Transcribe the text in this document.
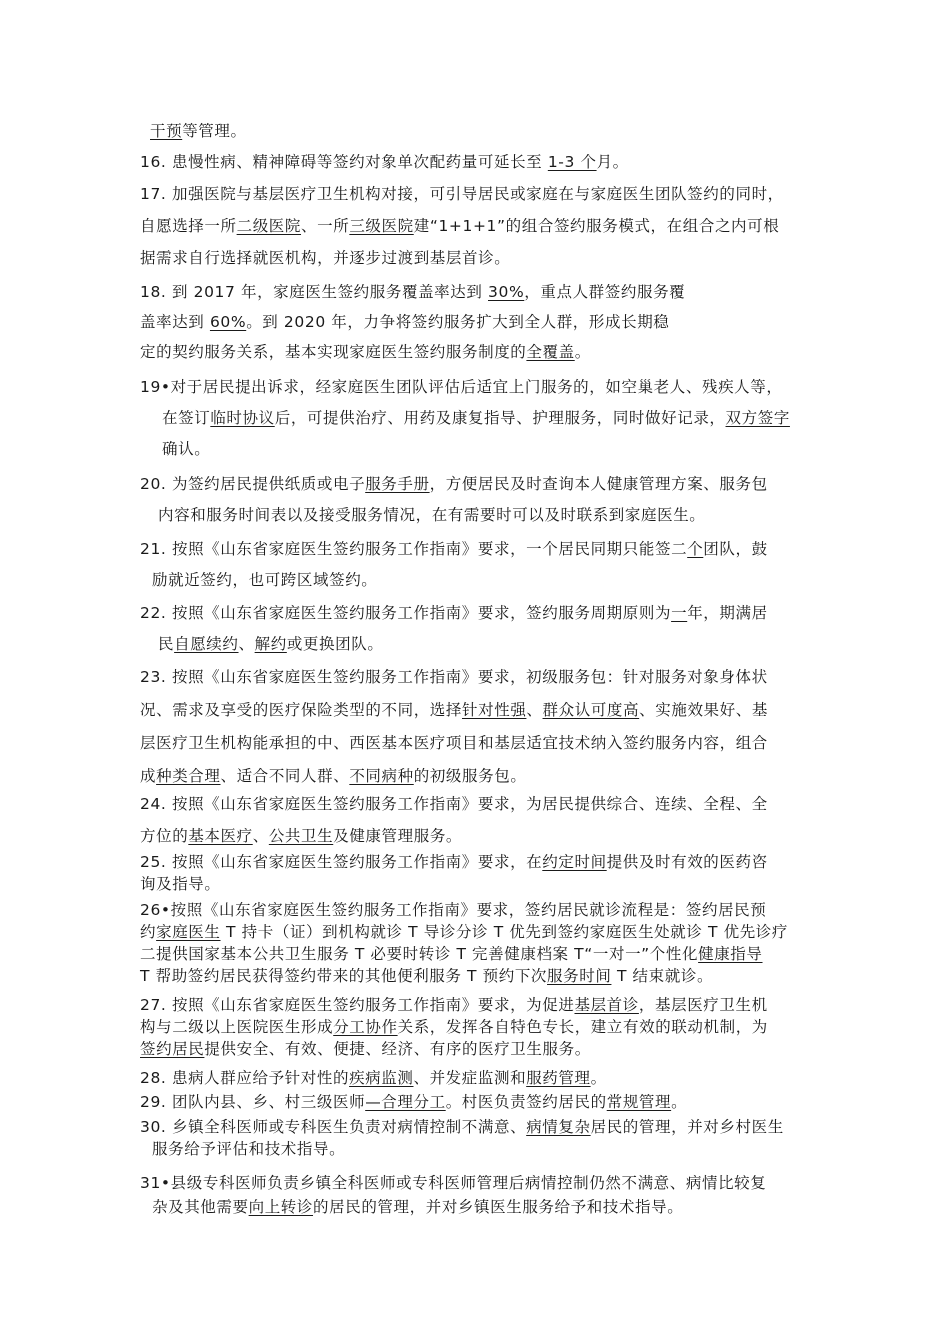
干预等管理。
16. 患慢性病、精神障碍等签约对象单次配药量可延长至 1-3 个月。
17. 加强医院与基层医疗卫生机构对接，可引导居民或家庭在与家庭医生团队签约的同时，
自愿选择一所二级医院、一所三级医院建“1+1+1”的组合签约服务模式，在组合之内可根
据需求自行选择就医机构，并逐步过渡到基层首诊。
18. 到 2017 年，家庭医生签约服务覆盖率达到 30%，重点人群签约服务覆
盖率达到 60%。到 2020 年，力争将签约服务扩大到全人群，形成长期稳
定的契约服务关系，基本实现家庭医生签约服务制度的全覆盖。
19•对于居民提出诉求，经家庭医生团队评估后适宜上门服务的，如空巢老人、残疾人等，
在签订临时协议后，可提供治疗、用药及康复指导、护理服务，同时做好记录，双方签字
确认。
20. 为签约居民提供纸质或电子服务手册，方便居民及时查询本人健康管理方案、服务包
内容和服务时间表以及接受服务情况，在有需要时可以及时联系到家庭医生。
21. 按照《山东省家庭医生签约服务工作指南》要求，一个居民同期只能签二个团队，鼓
励就近签约，也可跨区域签约。
22. 按照《山东省家庭医生签约服务工作指南》要求，签约服务周期原则为一年，期满居
民自愿续约、解约或更换团队。
23. 按照《山东省家庭医生签约服务工作指南》要求，初级服务包：针对服务对象身体状
况、需求及享受的医疗保险类型的不同，选择针对性强、群众认可度高、实施效果好、基
层医疗卫生机构能承担的中、西医基本医疗项目和基层适宜技术纳入签约服务内容，组合
成种类合理、适合不同人群、不同病种的初级服务包。
24. 按照《山东省家庭医生签约服务工作指南》要求，为居民提供综合、连续、全程、全
方位的基本医疗、公共卫生及健康管理服务。
25. 按照《山东省家庭医生签约服务工作指南》要求，在约定时间提供及时有效的医药咨
询及指导。
26•按照《山东省家庭医生签约服务工作指南》要求，签约居民就诊流程是：签约居民预
约家庭医生 T 持卡（证）到机构就诊 T 导诊分诊 T 优先到签约家庭医生处就诊 T 优先诊疗
二提供国家基本公共卫生服务 T 必要时转诊 T 完善健康档案 T“一对一”个性化健康指导
T 帮助签约居民获得签约带来的其他便利服务 T 预约下次服务时间 T 结束就诊。
27. 按照《山东省家庭医生签约服务工作指南》要求，为促进基层首诊，基层医疗卫生机
构与二级以上医院医生形成分工协作关系，发挥各自特色专长，建立有效的联动机制，为
签约居民提供安全、有效、便捷、经济、有序的医疗卫生服务。
28. 患病人群应给予针对性的疾病监测、并发症监测和服药管理。
29. 团队内县、乡、村三级医师—合理分工。村医负责签约居民的常规管理。
30. 乡镇全科医师或专科医生负责对病情控制不满意、病情复杂居民的管理，并对乡村医生
服务给予评估和技术指导。
31•县级专科医师负责乡镇全科医师或专科医师管理后病情控制仍然不满意、病情比较复
杂及其他需要向上转诊的居民的管理，并对乡镇医生服务给予和技术指导。
